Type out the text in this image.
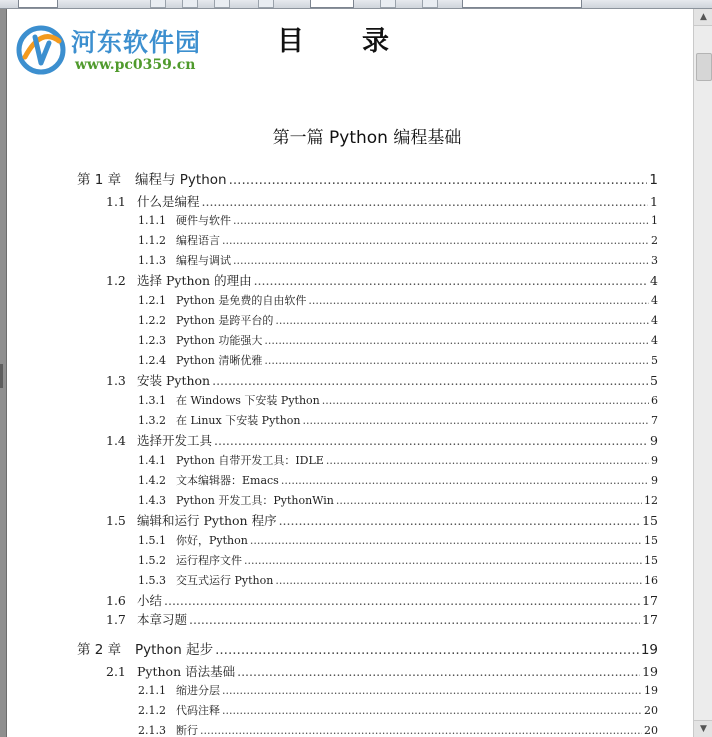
目录
第一篇 Python 编程基础
第 1 章	编程与 Python .....	1
1.1 什么是编程 .....	1
1.1.1 硬件与软件 .....	1
1.1.2 编程语言 .....	2
1.1.3 编程与调试 .....	3
1.2 选择 Python 的理由 .....	4
1.2.1 Python 是免费的自由软件 .....	4
1.2.2 Python 是跨平台的 .....	4
1.2.3 Python 功能强大 .....	4
1.2.4 Python 清晰优雅 .....	5
1.3 安装 Python .....	5
1.3.1 在 Windows 下安装 Python .....	6
1.3.2 在 Linux 下安装 Python .....	7
1.4 选择开发工具 .....	9
1.4.1 Python 自带开发工具：IDLE .....	9
1.4.2 文本编辑器：Emacs .....	9
1.4.3 Python 开发工具：PythonWin .....	12
1.5 编辑和运行 Python 程序 .....	15
1.5.1 你好，Python .....	15
1.5.2 运行程序文件 .....	15
1.5.3 交互式运行 Python .....	16
1.6 小结 .....	17
1.7 本章习题 .....	17
第 2 章	Python 起步 .....	19
2.1 Python 语法基础 .....	19
2.1.1 缩进分层 .....	19
2.1.2 代码注释 .....	20
2.1.3 断行 .....	20
河东软件园
www.pc0359.cn
▲
▼
